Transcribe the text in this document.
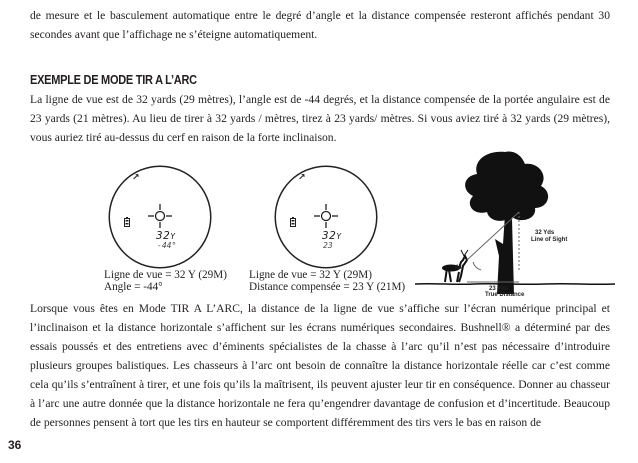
de mesure et le basculement automatique entre le degré d’angle et la distance compensée resteront affichés pendant 30 secondes avant que l’affichage ne s’éteigne automatiquement.

EXEMPLE DE MODE TIR A L’ARC

La ligne de vue est de 32 yards (29 mètres), l’angle est de -44 degrés, et la distance compensée de la portée angulaire est de 23 yards (21 mètres). Au lieu de tirer à 32 yards / mètres, tirez à 23 yards/ mètres. Si vous aviez tiré à 32 yards (29 mètres), vous auriez tiré au-dessus du cerf en raison de la forte inclinaison.

↗
32Y
-44°
↗
32Y
23
Ligne de vue = 32 Y (29M)
Angle = -44°
Ligne de vue = 32 Y (29M)
Distance compensée = 23 Y (21M)
32 Yds
Line of Sight
-44°
23 Yds
True Distance

Lorsque vous êtes en Mode TIR A L’ARC, la distance de la ligne de vue s’affiche sur l’écran numérique principal et l’inclinaison et la distance horizontale s’affichent sur les écrans numériques secondaires. Bushnell® a déterminé par des essais poussés et des entretiens avec d’éminents spécialistes de la chasse à l’arc qu’il n’est pas nécessaire d’introduire plusieurs groupes balistiques. Les chasseurs à l’arc ont besoin de connaître la distance horizontale réelle car c’est comme cela qu’ils s’entraînent à tirer, et une fois qu’ils la maîtrisent, ils peuvent ajuster leur tir en conséquence. Donner au chasseur à l’arc une autre donnée que la distance horizontale ne fera qu’engendrer davantage de confusion et d’incertitude. Beaucoup de personnes pensent à tort que les tirs en hauteur se comportent différemment des tirs vers le bas en raison de

36
